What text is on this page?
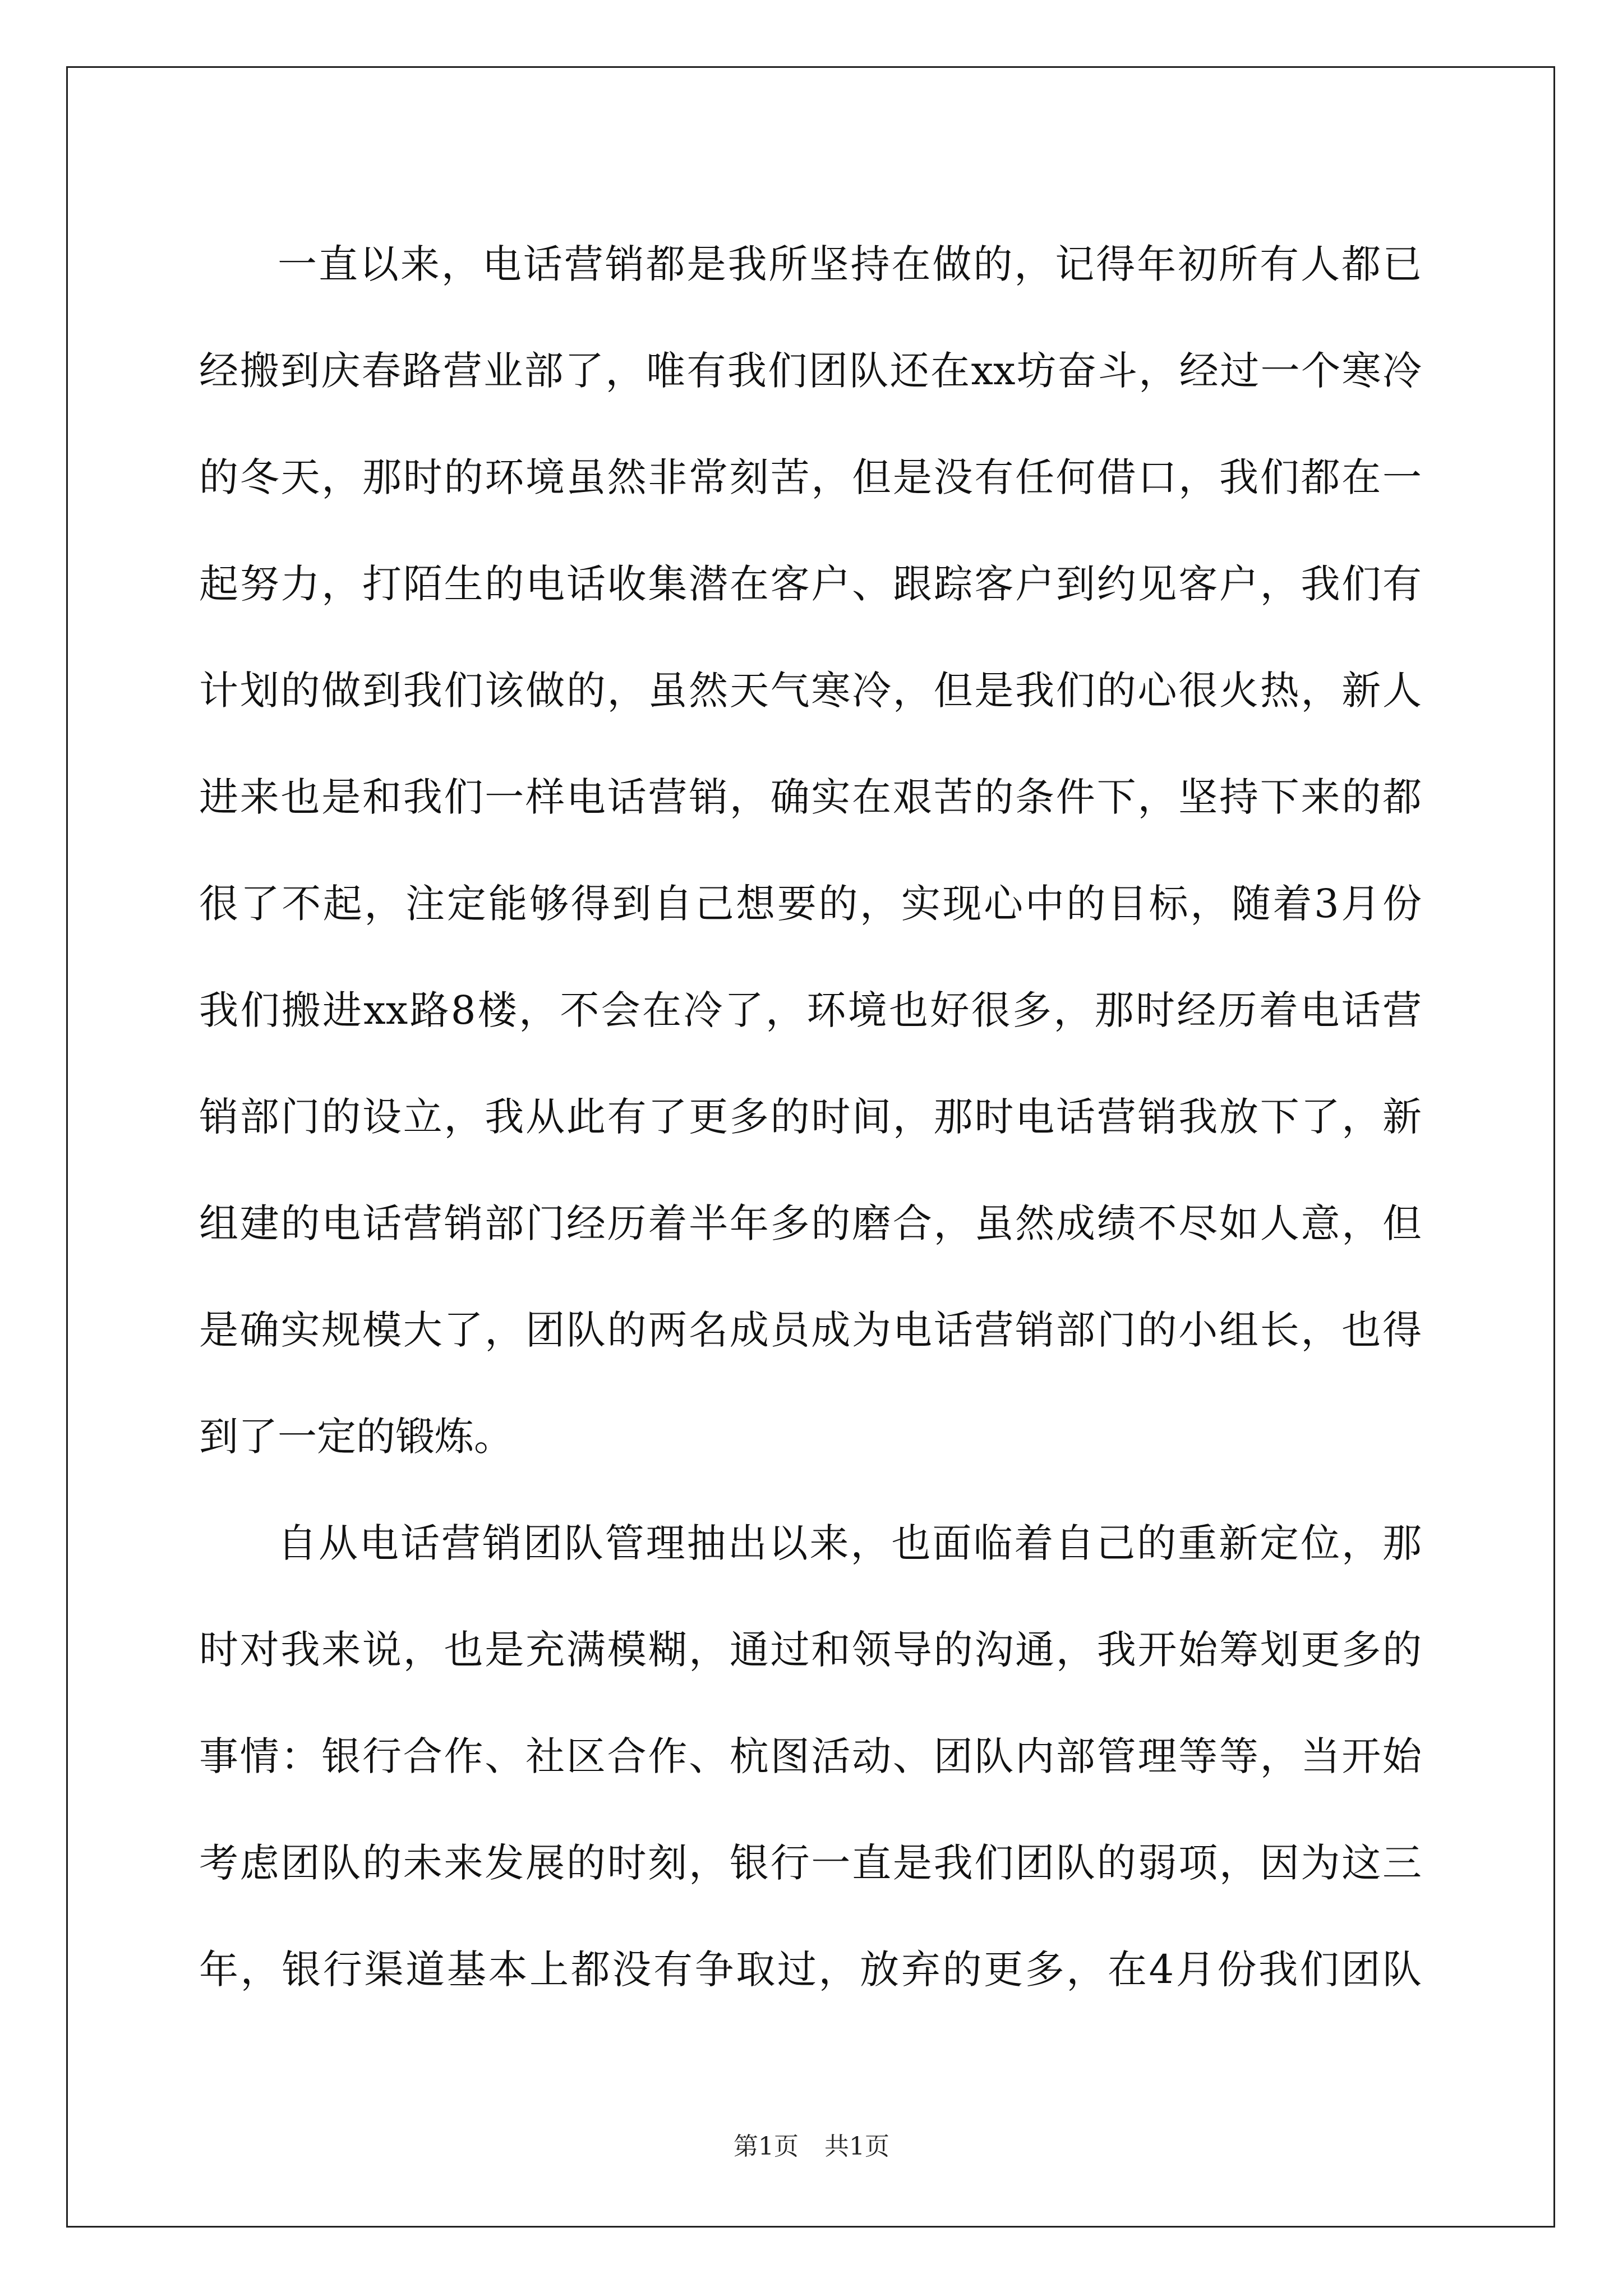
一直以来，电话营销都是我所坚持在做的，记得年初所有人都已
经搬到庆春路营业部了，唯有我们团队还在xx坊奋斗，经过一个寒冷
的冬天，那时的环境虽然非常刻苦，但是没有任何借口，我们都在一
起努力，打陌生的电话收集潜在客户、跟踪客户到约见客户，我们有
计划的做到我们该做的，虽然天气寒冷，但是我们的心很火热，新人
进来也是和我们一样电话营销，确实在艰苦的条件下，坚持下来的都
很了不起，注定能够得到自己想要的，实现心中的目标，随着3月份
我们搬进xx路8楼，不会在冷了，环境也好很多，那时经历着电话营
销部门的设立，我从此有了更多的时间，那时电话营销我放下了，新
组建的电话营销部门经历着半年多的磨合，虽然成绩不尽如人意，但
是确实规模大了，团队的两名成员成为电话营销部门的小组长，也得
到了一定的锻炼。
自从电话营销团队管理抽出以来，也面临着自己的重新定位，那
时对我来说，也是充满模糊，通过和领导的沟通，我开始筹划更多的
事情：银行合作、社区合作、杭图活动、团队内部管理等等，当开始
考虑团队的未来发展的时刻，银行一直是我们团队的弱项，因为这三
年，银行渠道基本上都没有争取过，放弃的更多，在4月份我们团队
第1页 共1页
